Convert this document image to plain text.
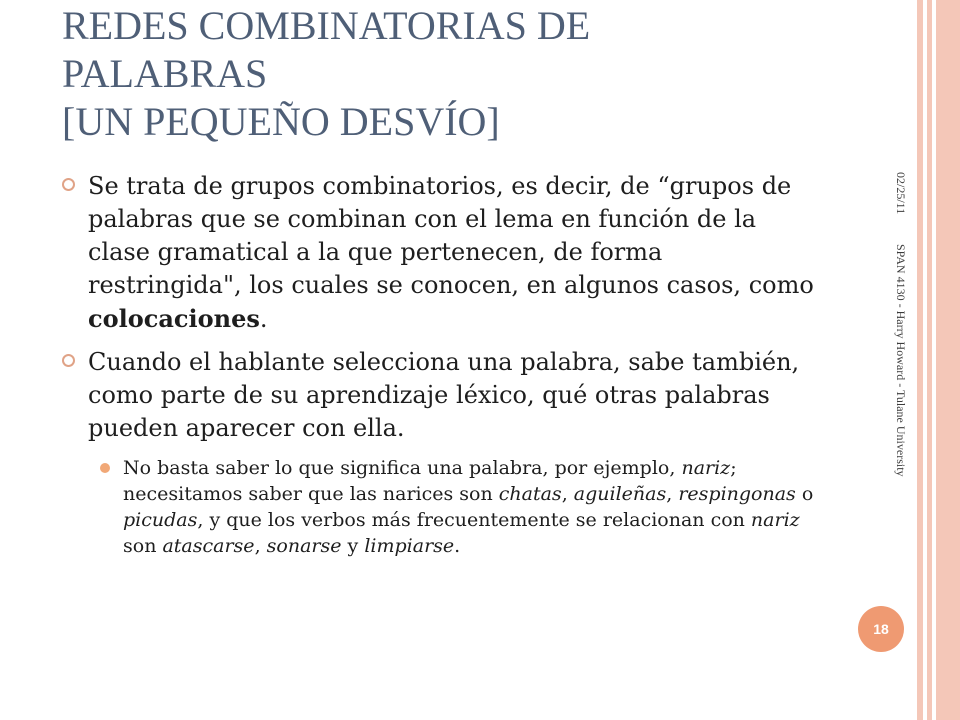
REDES COMBINATORIAS DE
PALABRAS
[UN PEQUEÑO DESVÍO]
Se trata de grupos combinatorios, es decir, de “grupos de palabras que se combinan con el lema en función de la clase gramatical a la que pertenecen, de forma restringida", los cuales se conocen, en algunos casos, como colocaciones.
Cuando el hablante selecciona una palabra, sabe también, como parte de su aprendizaje léxico, qué otras palabras pueden aparecer con ella.
No basta saber lo que significa una palabra, por ejemplo, nariz; necesitamos saber que las narices son chatas, aguileñas, respingonas o picudas, y que los verbos más frecuentemente se relacionan con nariz son atascarse, sonarse y limpiarse.
02/25/11
SPAN 4130 - Harry Howard - Tulane University
18
